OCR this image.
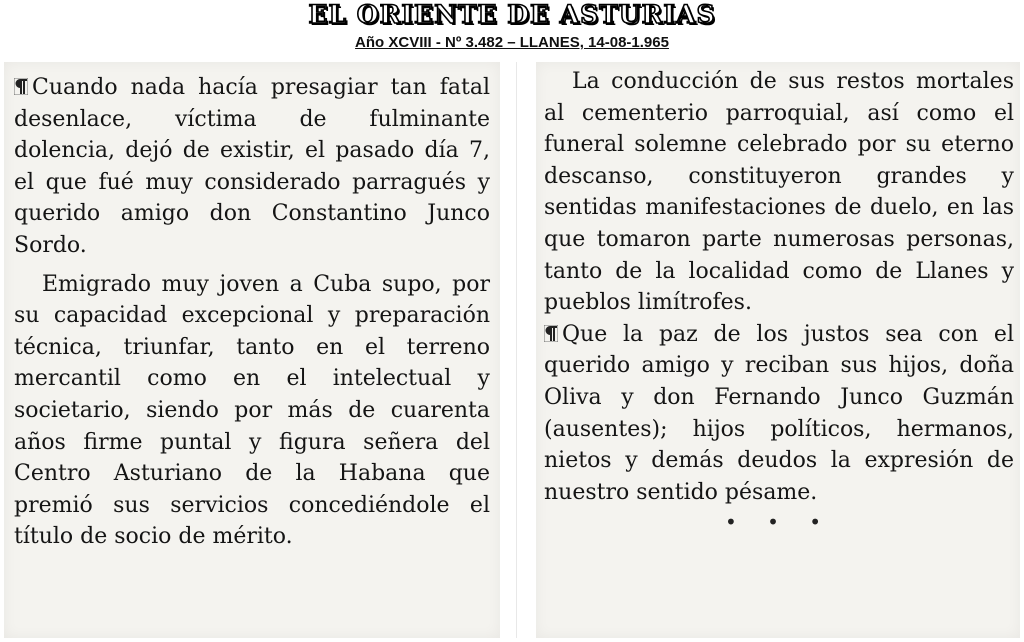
EL ORIENTE DE ASTURIAS
Año XCVIII - Nº 3.482 – LLANES, 14-08-1.965

Cuando nada hacía presagiar tan fatal desenlace, víctima de fulminante dolencia, dejó de existir, el pasado día 7, el que fué muy considerado parragués y querido amigo don Constantino Junco Sordo.

Emigrado muy joven a Cuba supo, por su capacidad excepcional y preparación técnica, triunfar, tanto en el terreno mercantil como en el intelectual y societario, siendo por más de cuarenta años firme puntal y figura señera del Centro Asturiano de la Habana que premió sus servicios concediéndole el título de socio de mérito.

La conducción de sus restos mortales al cementerio parroquial, así como el funeral solemne celebrado por su eterno descanso, constituyeron grandes y sentidas manifestaciones de duelo, en las que tomaron parte numerosas personas, tanto de la localidad como de Llanes y pueblos limítrofes.

Que la paz de los justos sea con el querido amigo y reciban sus hijos, doña Oliva y don Fernando Junco Guzmán (ausentes); hijos políticos, hermanos, nietos y demás deudos la expresión de nuestro sentido pésame.

• • •
